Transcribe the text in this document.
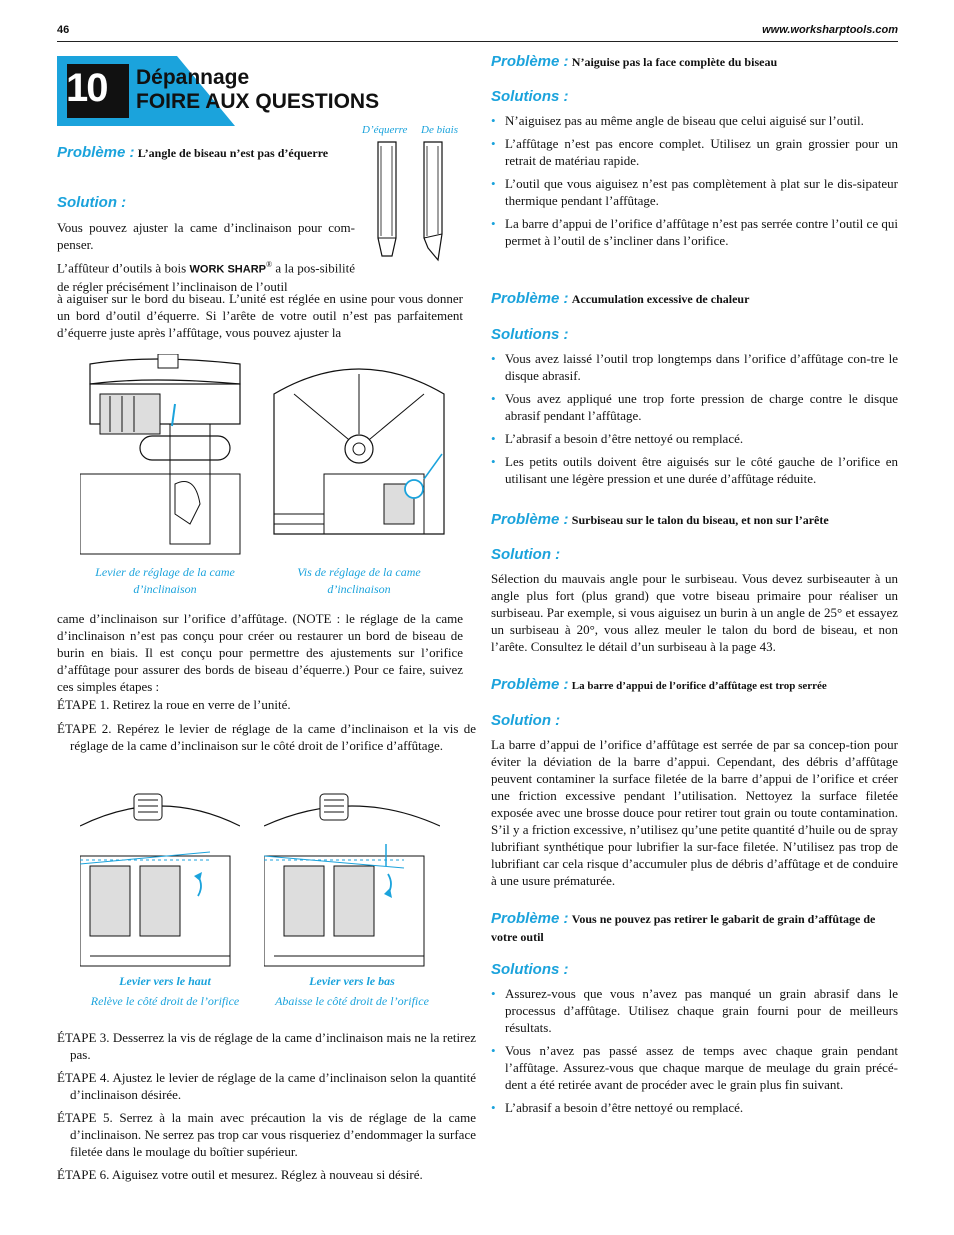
46	www.worksharptools.com
10 Dépannage
FOIRE AUX QUESTIONS
D’équerre De biais
Problème : L’angle de biseau n’est pas d’équerre
Solution :
Vous pouvez ajuster la came d’inclinaison pour com-penser.
L’affûteur d’outils à bois WORK SHARP® a la pos-sibilité de régler précisément l’inclinaison de l’outil
à aiguiser sur le bord du biseau. L’unité est réglée en usine pour vous donner un bord d’outil d’équerre. Si l’arête de votre outil n’est pas parfaitement d’équerre juste après l’affûtage, vous pouvez ajuster la
Levier de réglage de la came d’inclinaison
Vis de réglage de la came d’inclinaison
came d’inclinaison sur l’orifice d’affûtage. (NOTE : le réglage de la came d’inclinaison n’est pas conçu pour créer ou restaurer un bord de biseau de burin en biais. Il est conçu pour permettre des ajustements sur l’orifice d’affûtage pour assurer des bords de biseau d’équerre.) Pour ce faire, suivez ces simples étapes :
ÉTAPE 1. Retirez la roue en verre de l’unité.
ÉTAPE 2. Repérez le levier de réglage de la came d’inclinaison et la vis de réglage de la came d’inclinaison sur le côté droit de l’orifice d’affûtage.
Levier vers le haut
Relève le côté droit de l’orifice
Levier vers le bas
Abaisse le côté droit de l’orifice
ÉTAPE 3. Desserrez la vis de réglage de la came d’inclinaison mais ne la retirez pas.
ÉTAPE 4. Ajustez le levier de réglage de la came d’inclinaison selon la quantité d’inclinaison désirée.
ÉTAPE 5. Serrez à la main avec précaution la vis de réglage de la came d’inclinaison. Ne serrez pas trop car vous risqueriez d’endommager la surface filetée dans le moulage du boîtier supérieur.
ÉTAPE 6. Aiguisez votre outil et mesurez. Réglez à nouveau si désiré.
Problème : N’aiguise pas la face complète du biseau
Solutions :
• N’aiguisez pas au même angle de biseau que celui aiguisé sur l’outil.
• L’affûtage n’est pas encore complet. Utilisez un grain grossier pour un retrait de matériau rapide.
• L’outil que vous aiguisez n’est pas complètement à plat sur le dis-sipateur thermique pendant l’affûtage.
• La barre d’appui de l’orifice d’affûtage n’est pas serrée contre l’outil ce qui permet à l’outil de s’incliner dans l’orifice.
Problème : Accumulation excessive de chaleur
Solutions :
• Vous avez laissé l’outil trop longtemps dans l’orifice d’affûtage con-tre le disque abrasif.
• Vous avez appliqué une trop forte pression de charge contre le disque abrasif pendant l’affûtage.
• L’abrasif a besoin d’être nettoyé ou remplacé.
• Les petits outils doivent être aiguisés sur le côté gauche de l’orifice en utilisant une légère pression et une durée d’affûtage réduite.
Problème : Surbiseau sur le talon du biseau, et non sur l’arête
Solution :
Sélection du mauvais angle pour le surbiseau. Vous devez surbiseauter à un angle plus fort (plus grand) que votre biseau primaire pour réaliser un surbiseau. Par exemple, si vous aiguisez un burin à un angle de 25° et essayez un surbiseau à 20°, vous allez meuler le talon du bord de biseau, et non l’arête. Consultez le détail d’un surbiseau à la page 43.
Problème : La barre d’appui de l’orifice d’affûtage est trop serrée
Solution :
La barre d’appui de l’orifice d’affûtage est serrée de par sa concep-tion pour éviter la déviation de la barre d’appui. Cependant, des débris d’affûtage peuvent contaminer la surface filetée de la barre d’appui de l’orifice et créer une friction excessive pendant l’utilisation. Nettoyez la surface filetée exposée avec une brosse douce pour retirer tout grain ou toute contamination. S’il y a friction excessive, n’utilisez qu’une petite quantité d’huile ou de spray lubrifiant synthétique pour lubrifier la sur-face filetée. N’utilisez pas trop de lubrifiant car cela risque d’accumuler plus de débris d’affûtage et de conduire à une usure prématurée.
Problème : Vous ne pouvez pas retirer le gabarit de grain d’affûtage de votre outil
Solutions :
• Assurez-vous que vous n’avez pas manqué un grain abrasif dans le processus d’affûtage. Utilisez chaque grain fourni pour de meilleurs résultats.
• Vous n’avez pas passé assez de temps avec chaque grain pendant l’affûtage. Assurez-vous que chaque marque de meulage du grain précé-dent a été retirée avant de procéder avec le grain plus fin suivant.
• L’abrasif a besoin d’être nettoyé ou remplacé.
